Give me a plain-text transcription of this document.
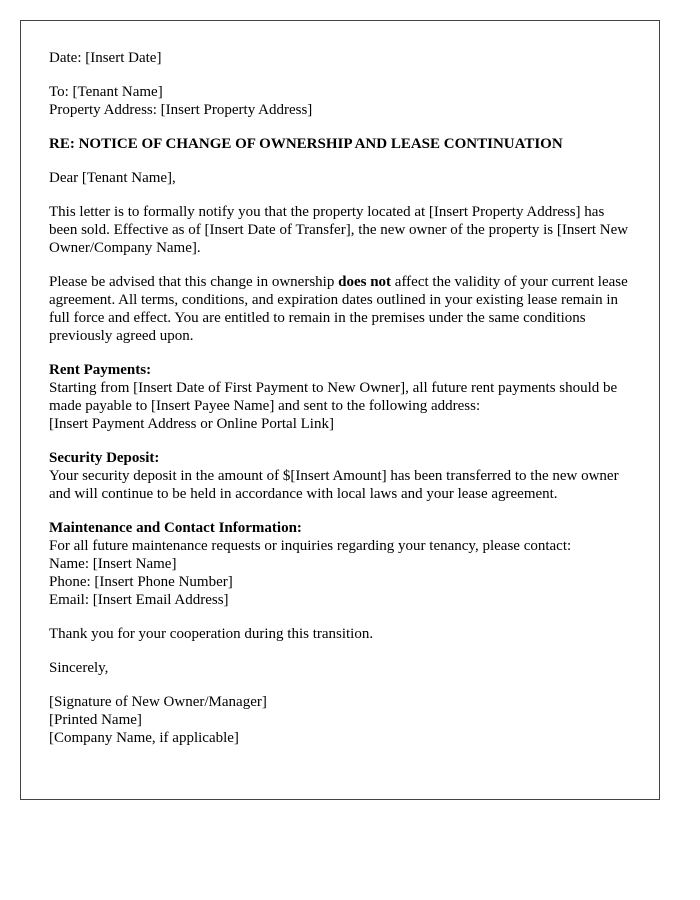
Date: [Insert Date]

To: [Tenant Name]
Property Address: [Insert Property Address]

RE: NOTICE OF CHANGE OF OWNERSHIP AND LEASE CONTINUATION

Dear [Tenant Name],

This letter is to formally notify you that the property located at [Insert Property Address] has been sold. Effective as of [Insert Date of Transfer], the new owner of the property is [Insert New Owner/Company Name].

Please be advised that this change in ownership does not affect the validity of your current lease agreement. All terms, conditions, and expiration dates outlined in your existing lease remain in full force and effect. You are entitled to remain in the premises under the same conditions previously agreed upon.

Rent Payments:
Starting from [Insert Date of First Payment to New Owner], all future rent payments should be made payable to [Insert Payee Name] and sent to the following address:
[Insert Payment Address or Online Portal Link]

Security Deposit:
Your security deposit in the amount of $[Insert Amount] has been transferred to the new owner and will continue to be held in accordance with local laws and your lease agreement.

Maintenance and Contact Information:
For all future maintenance requests or inquiries regarding your tenancy, please contact:
Name: [Insert Name]
Phone: [Insert Phone Number]
Email: [Insert Email Address]

Thank you for your cooperation during this transition.

Sincerely,

[Signature of New Owner/Manager]

[Printed Name]

[Company Name, if applicable]
